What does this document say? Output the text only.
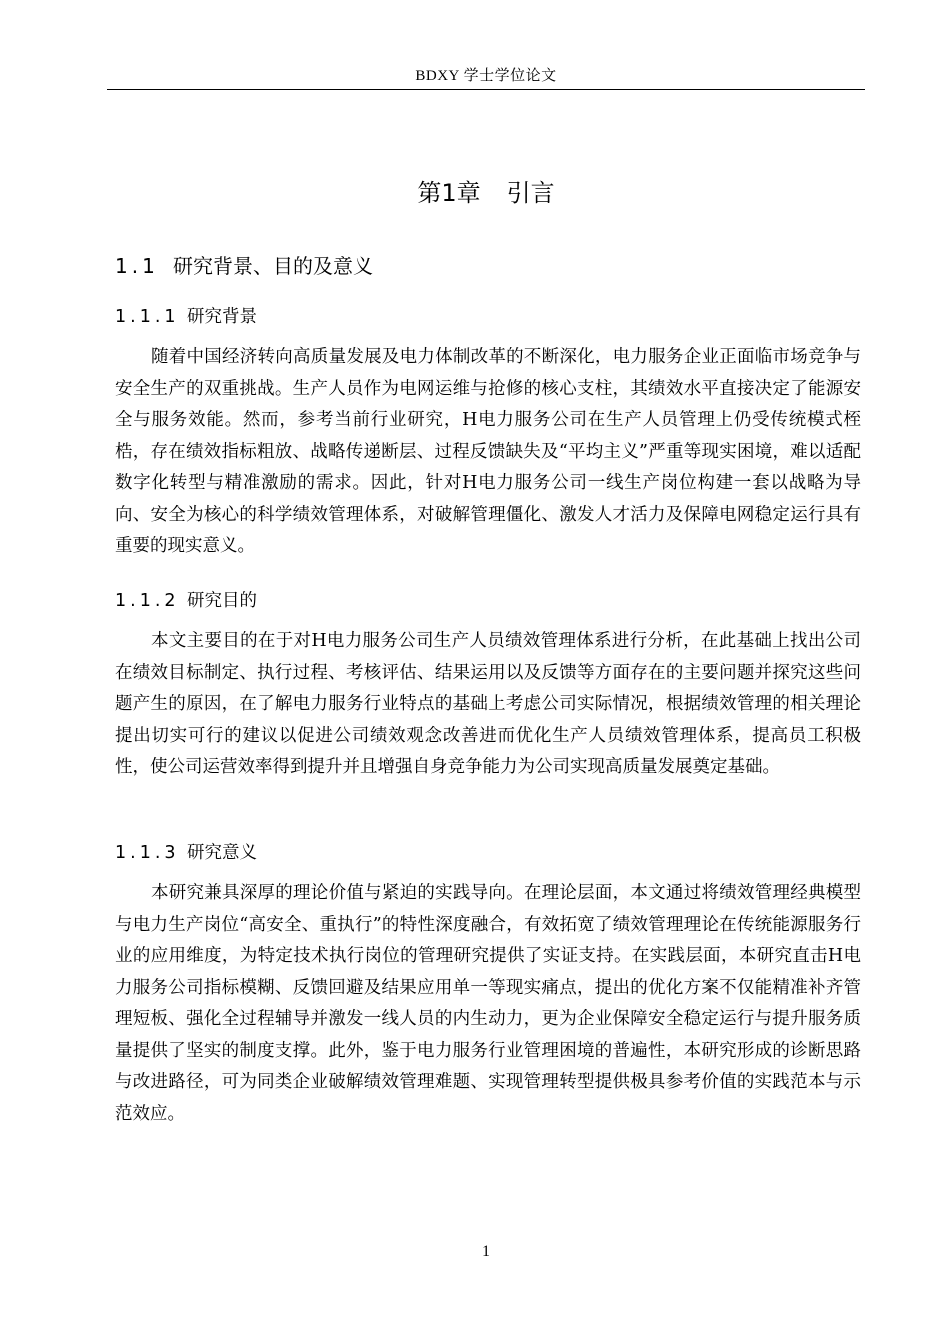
BDXY 学士学位论文
第1章 引言
1.1 研究背景、目的及意义
1.1.1 研究背景

随着中国经济转向高质量发展及电力体制改革的不断深化，电力服务企业正面临市场竞争与安全生产的双重挑战。生产人员作为电网运维与抢修的核心支柱，其绩效水平直接决定了能源安全与服务效能。然而，参考当前行业研究，H电力服务公司在生产人员管理上仍受传统模式桎梏，存在绩效指标粗放、战略传递断层、过程反馈缺失及“平均主义”严重等现实困境，难以适配数字化转型与精准激励的需求。因此，针对H电力服务公司一线生产岗位构建一套以战略为导向、安全为核心的科学绩效管理体系，对破解管理僵化、激发人才活力及保障电网稳定运行具有重要的现实意义。

1.1.2 研究目的

本文主要目的在于对H电力服务公司生产人员绩效管理体系进行分析，在此基础上找出公司在绩效目标制定、执行过程、考核评估、结果运用以及反馈等方面存在的主要问题并探究这些问题产生的原因，在了解电力服务行业特点的基础上考虑公司实际情况，根据绩效管理的相关理论提出切实可行的建议以促进公司绩效观念改善进而优化生产人员绩效管理体系，提高员工积极性，使公司运营效率得到提升并且增强自身竞争能力为公司实现高质量发展奠定基础。

1.1.3 研究意义

本研究兼具深厚的理论价值与紧迫的实践导向。在理论层面，本文通过将绩效管理经典模型与电力生产岗位“高安全、重执行”的特性深度融合，有效拓宽了绩效管理理论在传统能源服务行业的应用维度，为特定技术执行岗位的管理研究提供了实证支持。在实践层面，本研究直击H电力服务公司指标模糊、反馈回避及结果应用单一等现实痛点，提出的优化方案不仅能精准补齐管理短板、强化全过程辅导并激发一线人员的内生动力，更为企业保障安全稳定运行与提升服务质量提供了坚实的制度支撑。此外，鉴于电力服务行业管理困境的普遍性，本研究形成的诊断思路与改进路径，可为同类企业破解绩效管理难题、实现管理转型提供极具参考价值的实践范本与示范效应。

1
